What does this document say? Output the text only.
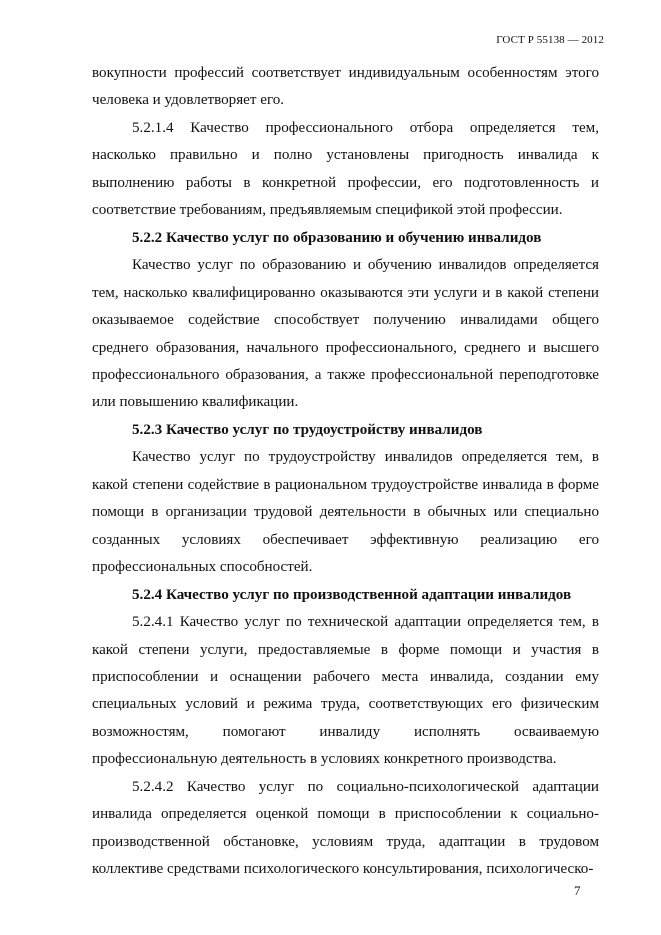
ГОСТ Р 55138 — 2012

вокупности профессий соответствует индивидуальным особенностям этого человека и удовлетворяет его.

5.2.1.4 Качество профессионального отбора определяется тем, насколько правильно и полно установлены пригодность инвалида к выполнению работы в конкретной профессии, его подготовленность и соответствие требованиям, предъявляемым спецификой этой профессии.

5.2.2 Качество услуг по образованию и обучению инвалидов

Качество услуг по образованию и обучению инвалидов определяется тем, насколько квалифицированно оказываются эти услуги и в какой степени оказываемое содействие способствует получению инвалидами общего среднего образования, начального профессионального, среднего и высшего профессионального образования, а также профессиональной переподготовке или повышению квалификации.

5.2.3 Качество услуг по трудоустройству инвалидов

Качество услуг по трудоустройству инвалидов определяется тем, в какой степени содействие в рациональном трудоустройстве инвалида в форме помощи в организации трудовой деятельности в обычных или специально созданных условиях обеспечивает эффективную реализацию его профессиональных способностей.

5.2.4 Качество услуг по производственной адаптации инвалидов

5.2.4.1 Качество услуг по технической адаптации определяется тем, в какой степени услуги, предоставляемые в форме помощи и участия в приспособлении и оснащении рабочего места инвалида, создании ему специальных условий и режима труда, соответствующих его физическим возможностям, помогают инвалиду исполнять осваиваемую профессиональную деятельность в условиях конкретного производства.

5.2.4.2 Качество услуг по социально-психологической адаптации инвалида определяется оценкой помощи в приспособлении к социально-производственной обстановке, условиям труда, адаптации в трудовом коллективе средствами психологического консультирования, психологическо-

7
